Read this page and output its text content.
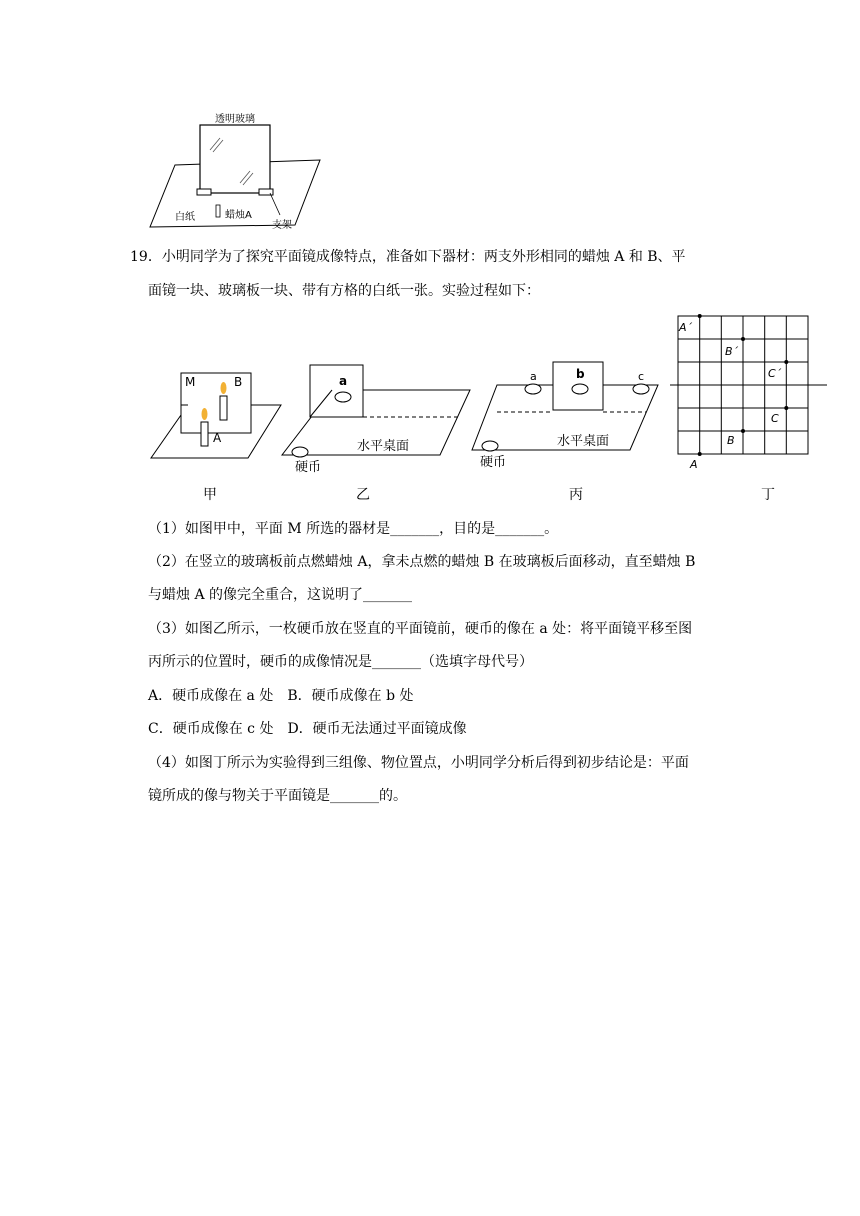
透明玻璃
白纸	蜡烛A
支架
19．小明同学为了探究平面镜成像特点，准备如下器材：两支外形相同的蜡烛 A 和 B、平
面镜一块、玻璃板一块、带有方格的白纸一张。实验过程如下：
M	B
A
a
水平桌面
硬币
a	b	c
水平桌面
硬币
A´
B´
C´
C
B
A
甲	乙	丙	丁
（1）如图甲中，平面 M 所选的器材是_______，目的是_______。
（2）在竖立的玻璃板前点燃蜡烛 A，拿未点燃的蜡烛 B 在玻璃板后面移动，直至蜡烛 B
与蜡烛 A 的像完全重合，这说明了_______
（3）如图乙所示，一枚硬币放在竖直的平面镜前，硬币的像在 a 处：将平面镜平移至图
丙所示的位置时，硬币的成像情况是_______（选填字母代号）
A．硬币成像在 a 处　B．硬币成像在 b 处
C．硬币成像在 c 处　D．硬币无法通过平面镜成像
（4）如图丁所示为实验得到三组像、物位置点，小明同学分析后得到初步结论是：平面
镜所成的像与物关于平面镜是_______的。
